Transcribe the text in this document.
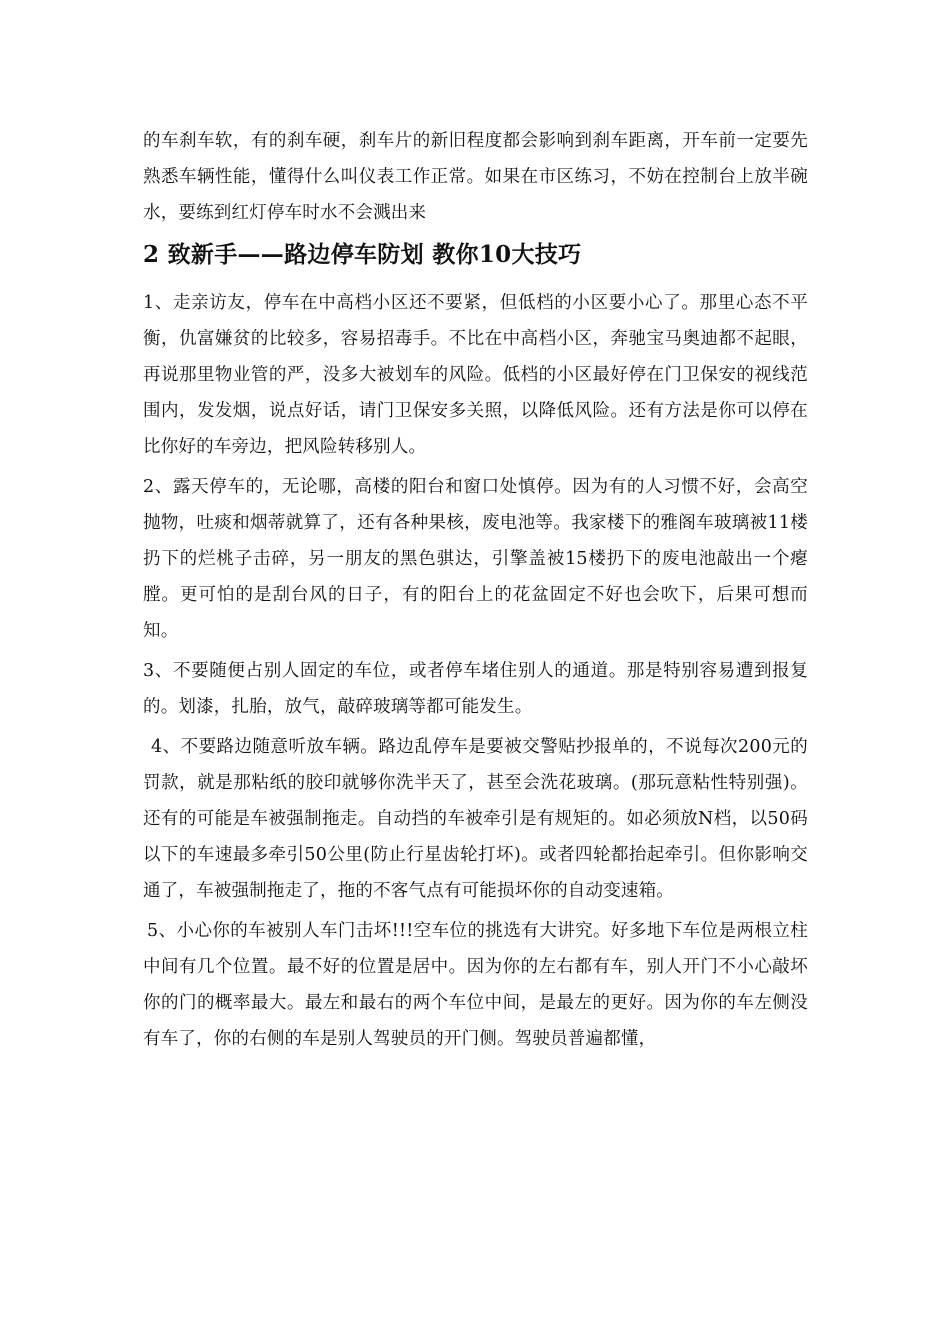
的车刹车软，有的刹车硬，刹车片的新旧程度都会影响到刹车距离，开车前一定要先熟悉车辆性能，懂得什么叫仪表工作正常。如果在市区练习，不妨在控制台上放半碗水，要练到红灯停车时水不会溅出来

2 致新手——路边停车防划 教你10大技巧

1、走亲访友，停车在中高档小区还不要紧，但低档的小区要小心了。那里心态不平衡，仇富嫌贫的比较多，容易招毒手。不比在中高档小区，奔驰宝马奥迪都不起眼，再说那里物业管的严，没多大被划车的风险。低档的小区最好停在门卫保安的视线范围内，发发烟，说点好话，请门卫保安多关照，以降低风险。还有方法是你可以停在比你好的车旁边，把风险转移别人。

2、露天停车的，无论哪，高楼的阳台和窗口处慎停。因为有的人习惯不好，会高空抛物，吐痰和烟蒂就算了，还有各种果核，废电池等。我家楼下的雅阁车玻璃被11楼扔下的烂桃子击碎，另一朋友的黑色骐达，引擎盖被15楼扔下的废电池敲出一个瘪膛。更可怕的是刮台风的日子，有的阳台上的花盆固定不好也会吹下，后果可想而知。

3、不要随便占别人固定的车位，或者停车堵住别人的通道。那是特别容易遭到报复的。划漆，扎胎，放气，敲碎玻璃等都可能发生。

4、不要路边随意听放车辆。路边乱停车是要被交警贴抄报单的，不说每次200元的罚款，就是那粘纸的胶印就够你洗半天了，甚至会洗花玻璃。(那玩意粘性特别强)。还有的可能是车被强制拖走。自动挡的车被牵引是有规矩的。如必须放N档，以50码以下的车速最多牵引50公里(防止行星齿轮打坏)。或者四轮都抬起牵引。但你影响交通了，车被强制拖走了，拖的不客气点有可能损坏你的自动变速箱。

5、小心你的车被别人车门击坏!!!空车位的挑选有大讲究。好多地下车位是两根立柱中间有几个位置。最不好的位置是居中。因为你的左右都有车，别人开门不小心敲坏你的门的概率最大。最左和最右的两个车位中间，是最左的更好。因为你的车左侧没有车了，你的右侧的车是别人驾驶员的开门侧。驾驶员普遍都懂，
